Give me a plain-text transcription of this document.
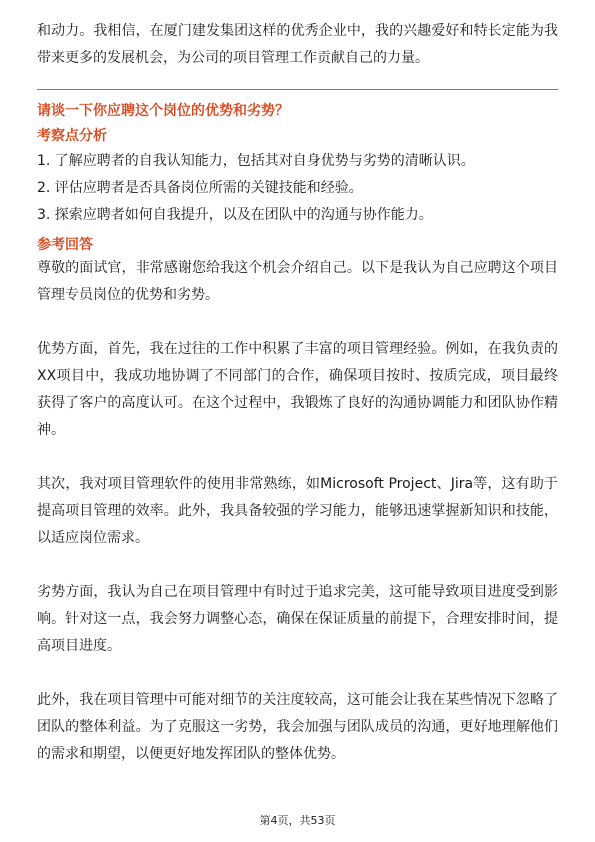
和动力。我相信，在厦门建发集团这样的优秀企业中，我的兴趣爱好和特长定能为我带来更多的发展机会，为公司的项目管理工作贡献自己的力量。

请谈一下你应聘这个岗位的优势和劣势？
考察点分析
1. 了解应聘者的自我认知能力，包括其对自身优势与劣势的清晰认识。
2. 评估应聘者是否具备岗位所需的关键技能和经验。
3. 探索应聘者如何自我提升，以及在团队中的沟通与协作能力。
参考回答

尊敬的面试官，非常感谢您给我这个机会介绍自己。以下是我认为自己应聘这个项目管理专员岗位的优势和劣势。

优势方面，首先，我在过往的工作中积累了丰富的项目管理经验。例如，在我负责的XX项目中，我成功地协调了不同部门的合作，确保项目按时、按质完成，项目最终获得了客户的高度认可。在这个过程中，我锻炼了良好的沟通协调能力和团队协作精神。

其次，我对项目管理软件的使用非常熟练，如Microsoft Project、Jira等，这有助于提高项目管理的效率。此外，我具备较强的学习能力，能够迅速掌握新知识和技能，以适应岗位需求。

劣势方面，我认为自己在项目管理中有时过于追求完美，这可能导致项目进度受到影响。针对这一点，我会努力调整心态，确保在保证质量的前提下，合理安排时间，提高项目进度。

此外，我在项目管理中可能对细节的关注度较高，这可能会让我在某些情况下忽略了团队的整体利益。为了克服这一劣势，我会加强与团队成员的沟通，更好地理解他们的需求和期望，以便更好地发挥团队的整体优势。

第4页，共53页
